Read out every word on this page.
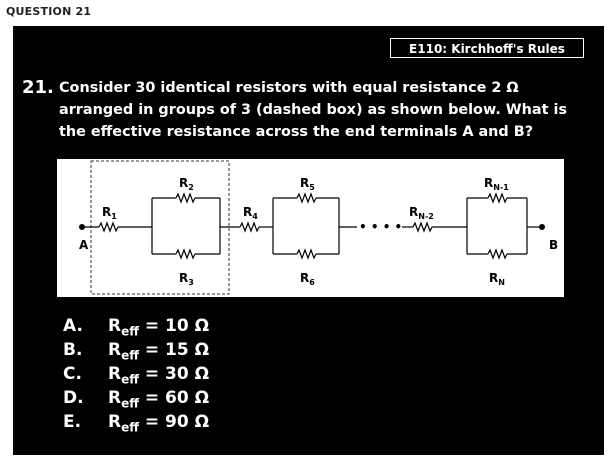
QUESTION 21
E110: Kirchhoff's Rules
21. Consider 30 identical resistors with equal resistance 2 Ω arranged in groups of 3 (dashed box) as shown below. What is the effective resistance across the end terminals A and B?
• • • •
A	B
$R_1$
$R_2$
$R_3$
$R_4$
$R_5$
$R_6$
$R_{N-2}$
$R_{N-1}$
$R_N$
A. $R_{eff} = 10$ Ω
B. $R_{eff} = 15$ Ω
C. $R_{eff} = 30$ Ω
D. $R_{eff} = 60$ Ω
E. $R_{eff} = 90$ Ω
